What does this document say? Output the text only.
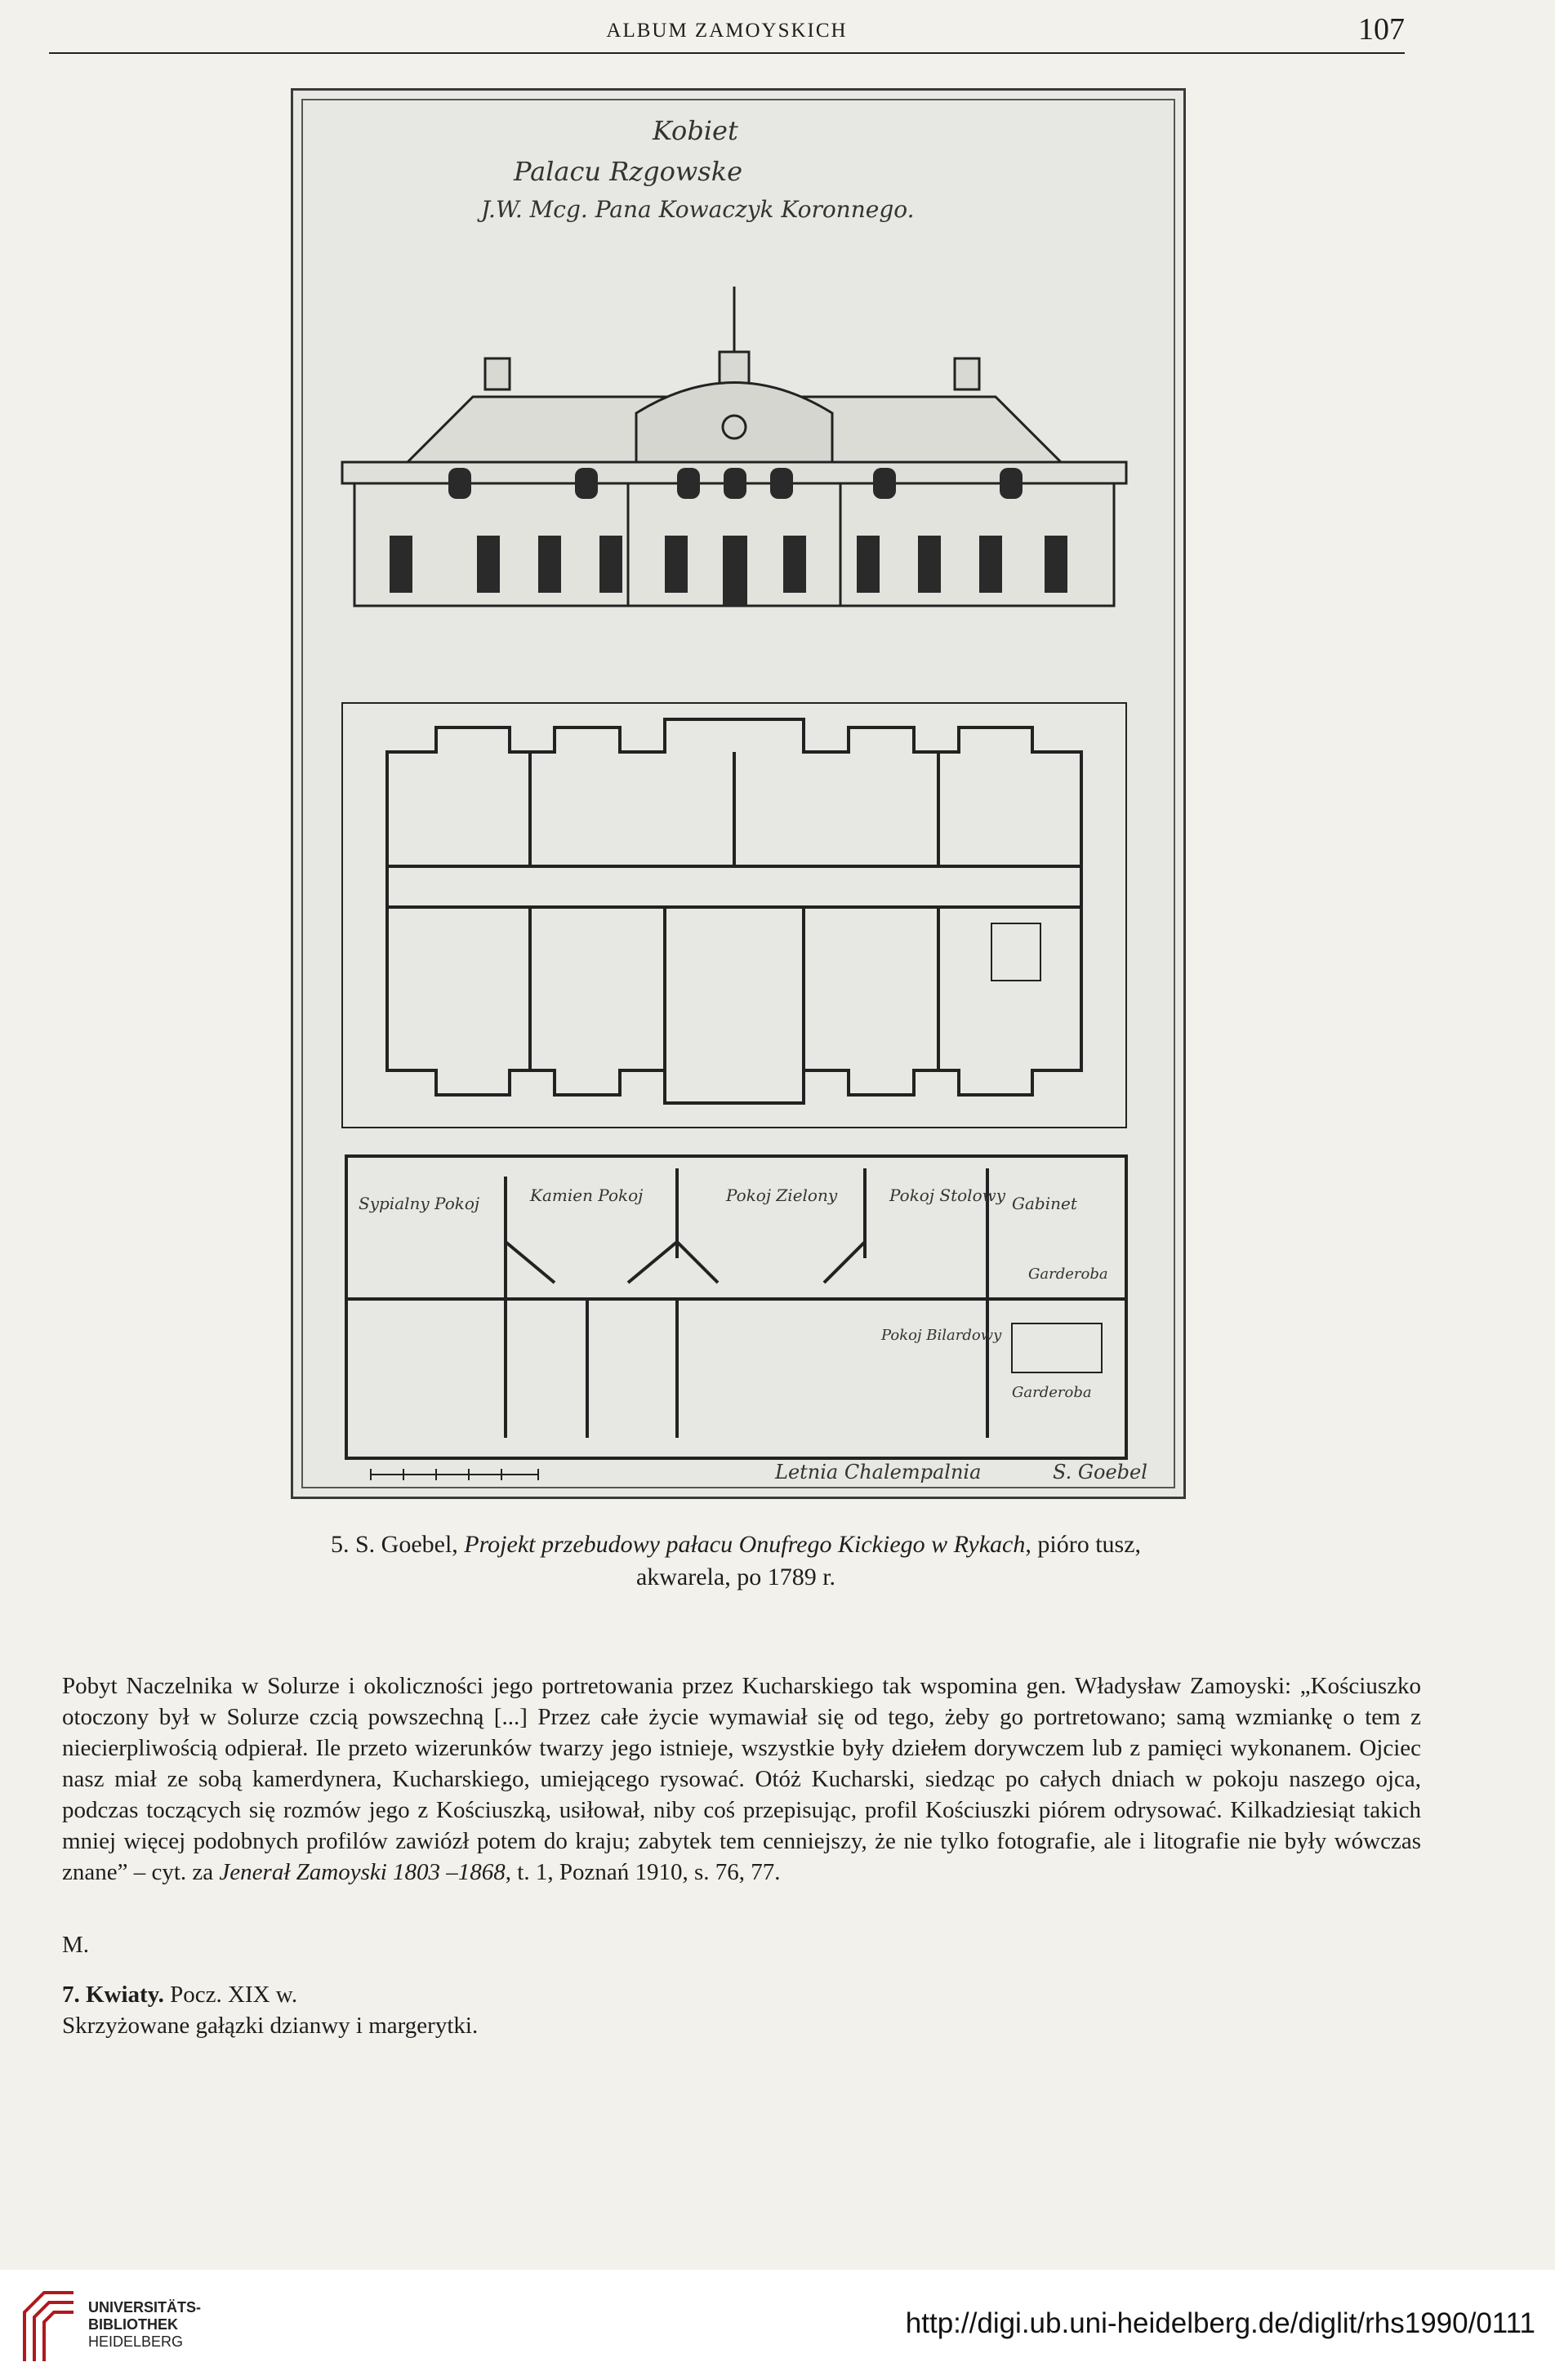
ALBUM ZAMOYSKICH	107
Kobiet
Palacu Rzgowske
J.W. Mcg. Pana Kowaczyk Koronnego.
Sypialny Pokoj	Gabinet
Pokoj Zielony
Kamien Pokoj	Pokoj Stolowy
Garderoba
Pokoj Bilardowy
Garderoba
Letnia Chalempalnia	S. Goebel
5. S. Goebel, Projekt przebudowy pałacu Onufrego Kickiego w Rykach, pióro tusz, akwarela, po 1789 r.

Pobyt Naczelnika w Solurze i okoliczności jego portretowania przez Kucharskiego tak wspomina gen. Władysław Zamoyski: „Kościuszko otoczony był w Solurze czcią powszechną [...] Przez całe życie wymawiał się od tego, żeby go portretowano; samą wzmiankę o tem z niecierpliwością odpierał. Ile przeto wizerunków twarzy jego istnieje, wszystkie były dziełem dorywczem lub z pamięci wykonanem. Ojciec nasz miał ze sobą kamerdynera, Kucharskiego, umiejącego rysować. Otóż Kucharski, siedząc po całych dniach w pokoju naszego ojca, podczas toczących się rozmów jego z Kościuszką, usiłował, niby coś przepisując, profil Kościuszki piórem odrysować. Kilkadziesiąt takich mniej więcej podobnych profilów zawiózł potem do kraju; zabytek tem cenniejszy, że nie tylko fotografie, ale i litografie nie były wówczas znane” – cyt. za Jenerał Zamoyski 1803 –1868, t. 1, Poznań 1910, s. 76, 77.

M.
7. Kwiaty. Pocz. XIX w.
Skrzyżowane gałązki dzianwy i margerytki.
UNIVERSITÄTS-
BIBLIOTHEK
HEIDELBERG
http://digi.ub.uni-heidelberg.de/diglit/rhs1990/0111
